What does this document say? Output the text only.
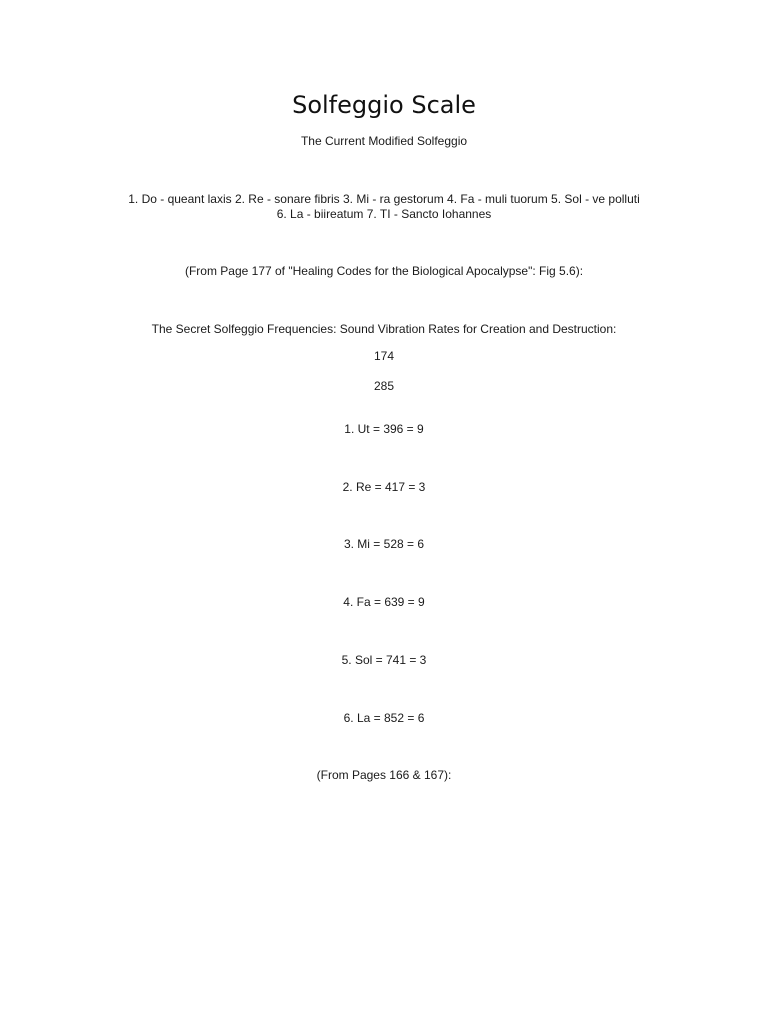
Solfeggio Scale
The Current Modified Solfeggio
1. Do - queant laxis 2. Re - sonare fibris 3. Mi - ra gestorum 4. Fa - muli tuorum 5. Sol - ve polluti
6. La - biireatum 7. TI - Sancto Iohannes
(From Page 177 of "Healing Codes for the Biological Apocalypse": Fig 5.6):
The Secret Solfeggio Frequencies: Sound Vibration Rates for Creation and Destruction:
174
285
1. Ut = 396 = 9
2. Re = 417 = 3
3. Mi = 528 = 6
4. Fa = 639 = 9
5. Sol = 741 = 3
6. La = 852 = 6
(From Pages 166 & 167):
